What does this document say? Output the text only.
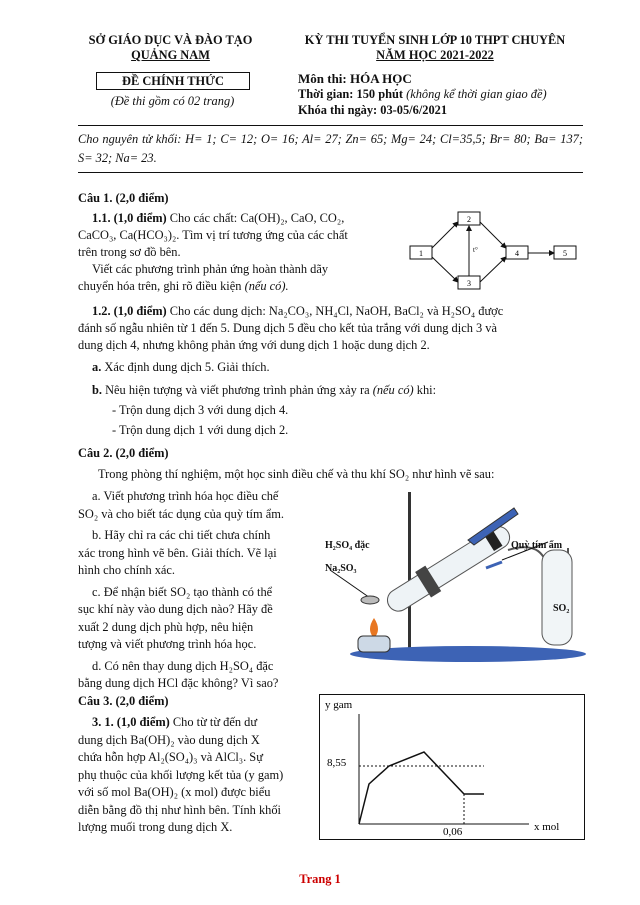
SỞ GIÁO DỤC VÀ ĐÀO TẠO
QUẢNG NAM
ĐỀ CHÍNH THỨC
(Đề thi gồm có 02 trang)
KỲ THI TUYỂN SINH LỚP 10 THPT CHUYÊN
NĂM HỌC 2021-2022
Môn thi: HÓA HỌC
Thời gian: 150 phút (không kể thời gian giao đề)
Khóa thi ngày: 03-05/6/2021
Cho nguyên tử khối: H= 1; C= 12; O= 16; Al= 27; Zn= 65; Mg= 24; Cl=35,5; Br= 80; Ba= 137; S= 32; Na= 23.
Câu 1. (2,0 điểm)
1.1. (1,0 điểm) Cho các chất: Ca(OH)₂, CaO, CO₂,
CaCO₃, Ca(HCO₃)₂. Tìm vị trí tương ứng của các chất
trên trong sơ đồ bên.
Viết các phương trình phản ứng hoàn thành dãy
chuyển hóa trên, ghi rõ điều kiện (nếu có).
1
2
3
4	5
t°
1.2. (1,0 điểm) Cho các dung dịch: Na₂CO₃, NH₄Cl, NaOH, BaCl₂ và H₂SO₄ được
đánh số ngẫu nhiên từ 1 đến 5. Dung dịch 5 đều cho kết tủa trắng với dung dịch 3 và
dung dịch 4, nhưng không phản ứng với dung dịch 1 hoặc dung dịch 2.
a. Xác định dung dịch 5. Giải thích.
b. Nêu hiện tượng và viết phương trình phản ứng xảy ra (nếu có) khi:
- Trộn dung dịch 3 với dung dịch 4.
- Trộn dung dịch 1 với dung dịch 2.
Câu 2. (2,0 điểm)
Trong phòng thí nghiệm, một học sinh điều chế và thu khí SO₂ như hình vẽ sau:
a. Viết phương trình hóa học điều chế
SO₂ và cho biết tác dụng của quỳ tím ẩm.
b. Hãy chỉ ra các chi tiết chưa chính
xác trong hình vẽ bên. Giải thích. Vẽ lại
hình cho chính xác.
c. Để nhận biết SO₂ tạo thành có thể
sục khí này vào dung dịch nào? Hãy đề
xuất 2 dung dịch phù hợp, nêu hiện
tượng và viết phương trình hóa học.
d. Có nên thay dung dịch H₂SO₄ đặc
bằng dung dịch HCl đặc không? Vì sao?
H₂SO₄ đặc
Na₂SO₃
Quỳ tím ẩm
SO₂
Câu 3. (2,0 điểm)
3. 1. (1,0 điểm) Cho từ từ đến dư
dung dịch Ba(OH)₂ vào dung dịch X
chứa hỗn hợp Al₂(SO₄)₃ và AlCl₃. Sự
phụ thuộc của khối lượng kết tủa (y gam)
với số mol Ba(OH)₂ (x mol) được biểu
diễn bằng đồ thị như hình bên. Tính khối
lượng muối trong dung dịch X.
y gam
8,55
0,06	x mol
Trang 1
